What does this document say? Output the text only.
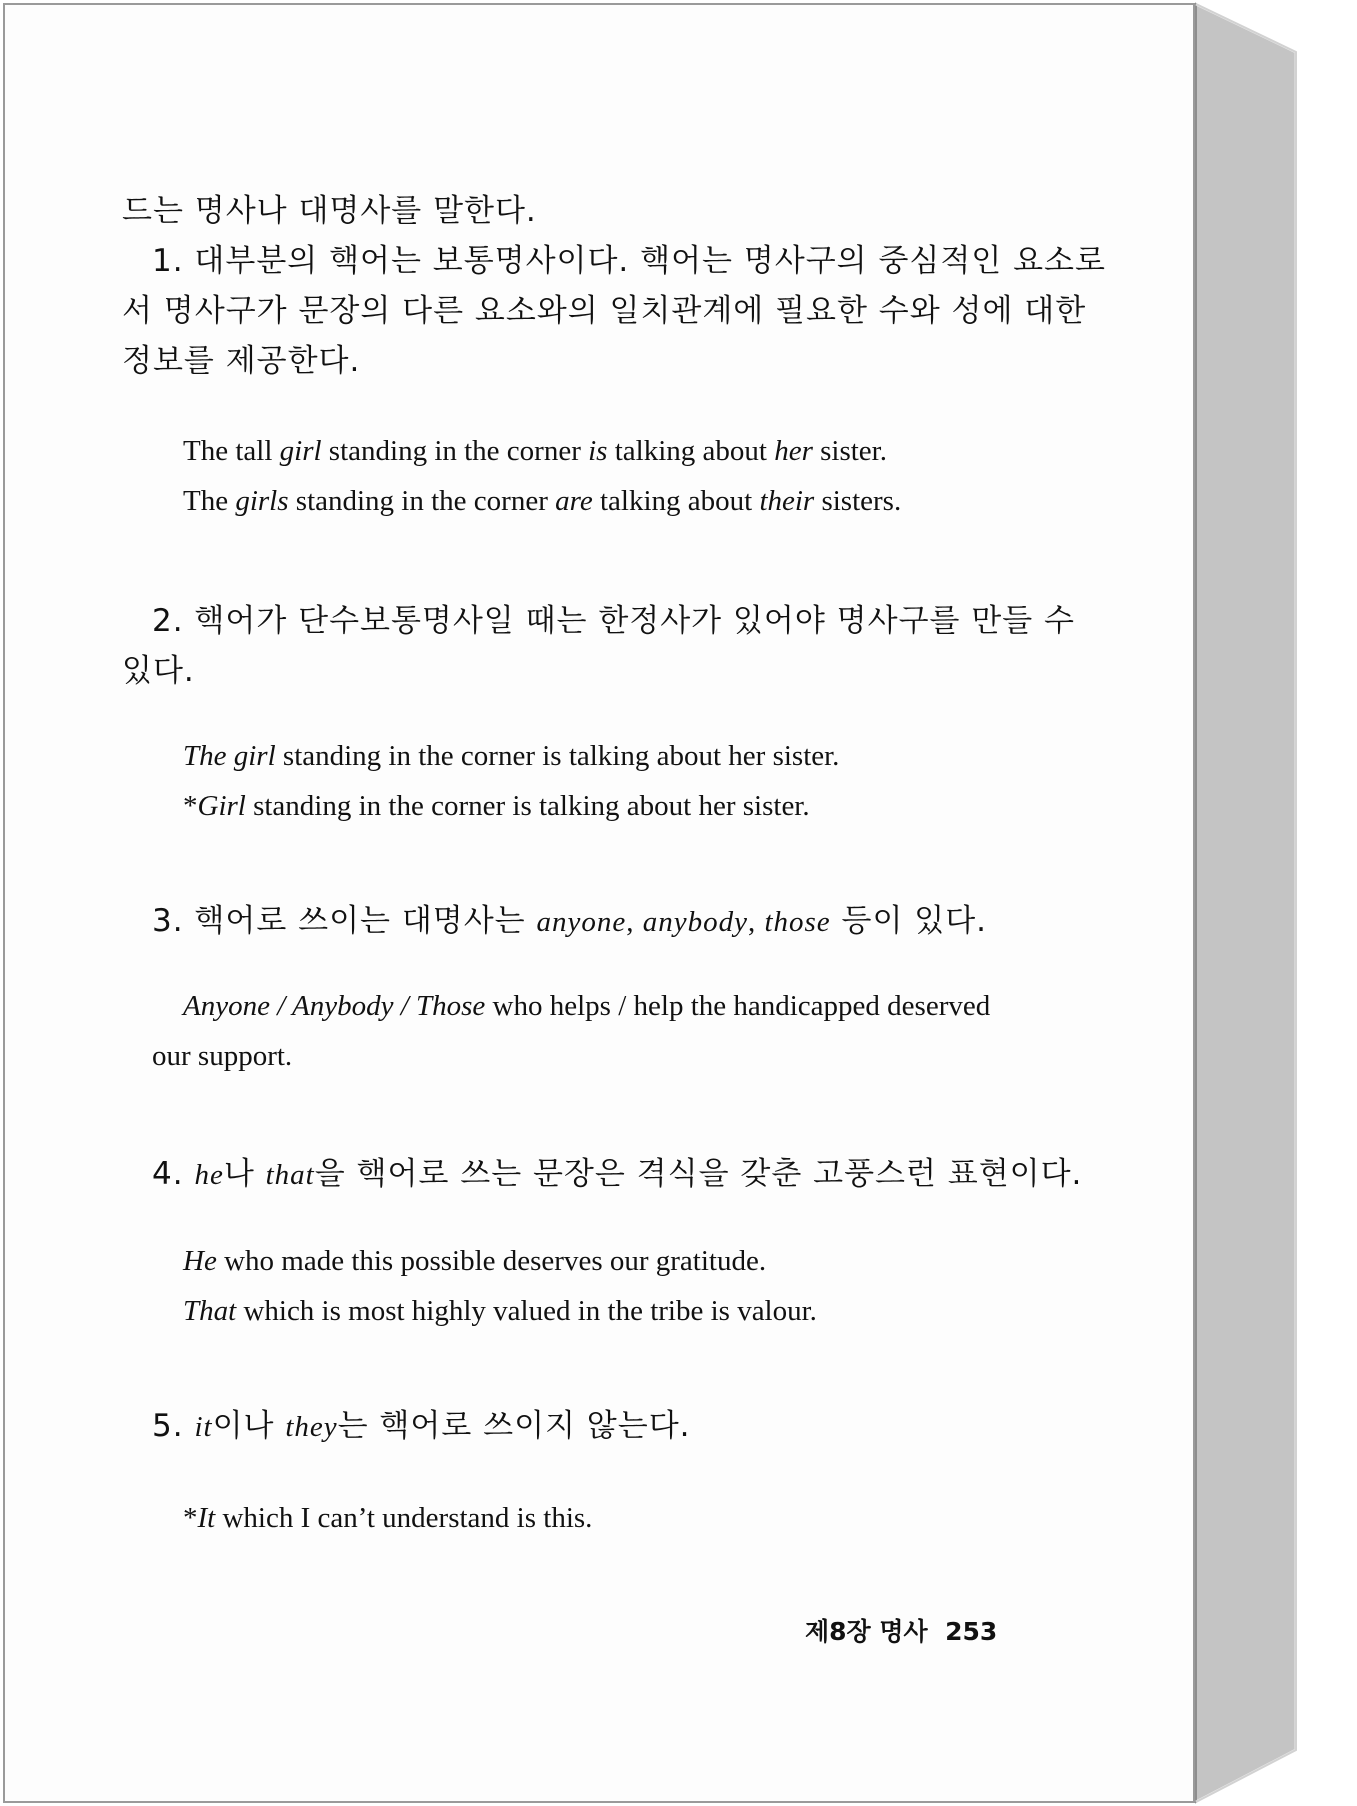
드는 명사나 대명사를 말한다.
1. 대부분의 핵어는 보통명사이다. 핵어는 명사구의 중심적인 요소로
서 명사구가 문장의 다른 요소와의 일치관계에 필요한 수와 성에 대한
정보를 제공한다.
The tall girl standing in the corner is talking about her sister.
The girls standing in the corner are talking about their sisters.
2. 핵어가 단수보통명사일 때는 한정사가 있어야 명사구를 만들 수
있다.
The girl standing in the corner is talking about her sister.
*Girl standing in the corner is talking about her sister.
3. 핵어로 쓰이는 대명사는 anyone, anybody, those 등이 있다.
Anyone / Anybody / Those who helps / help the handicapped deserved
our support.
4. he나 that을 핵어로 쓰는 문장은 격식을 갖춘 고풍스런 표현이다.
He who made this possible deserves our gratitude.
That which is most highly valued in the tribe is valour.
5. it이나 they는 핵어로 쓰이지 않는다.
*It which I can’t understand is this.
제8장 명사  253
